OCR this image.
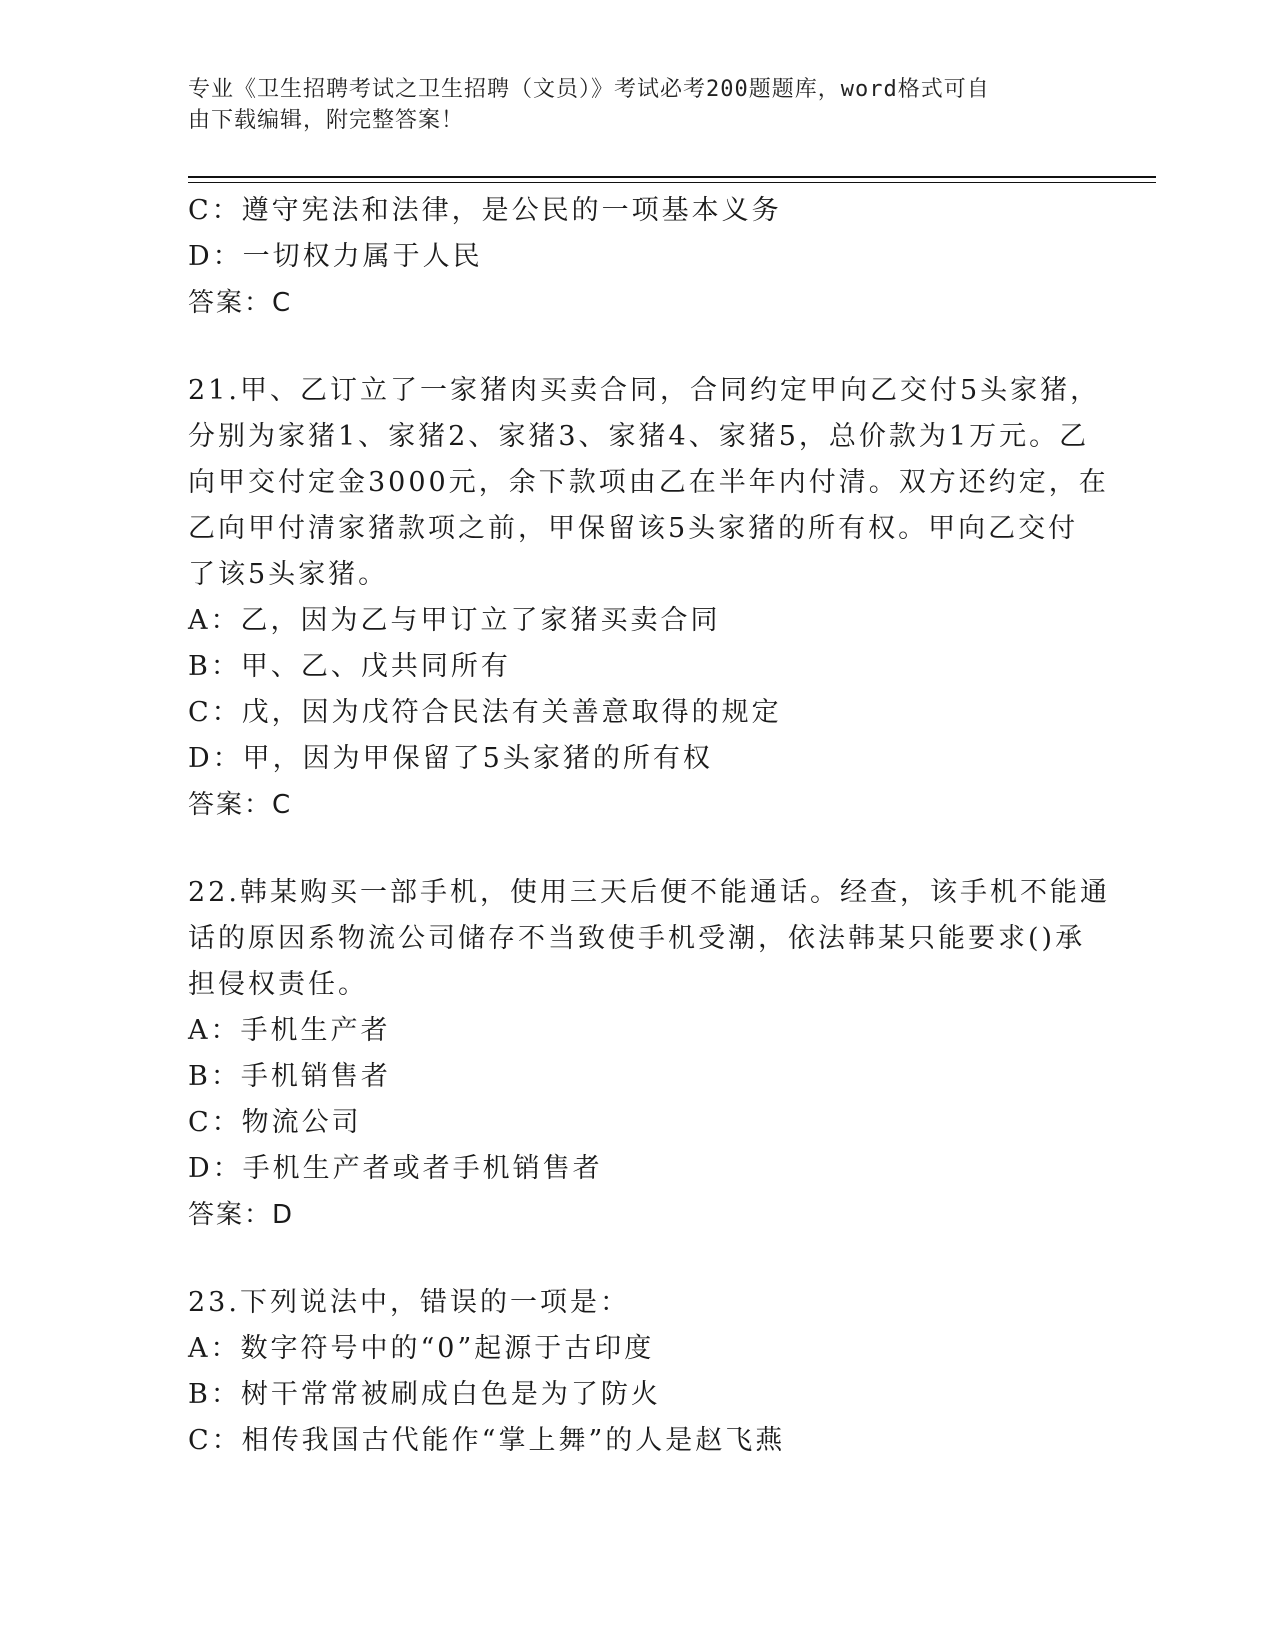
专业《卫生招聘考试之卫生招聘（文员）》考试必考200题题库，word格式可自
由下载编辑，附完整答案！
C：遵守宪法和法律，是公民的一项基本义务
D：一切权力属于人民
答案：C
21.甲、乙订立了一家猪肉买卖合同，合同约定甲向乙交付5头家猪，
分别为家猪1、家猪2、家猪3、家猪4、家猪5，总价款为1万元。乙
向甲交付定金3000元，余下款项由乙在半年内付清。双方还约定，在
乙向甲付清家猪款项之前，甲保留该5头家猪的所有权。甲向乙交付
了该5头家猪。
A：乙，因为乙与甲订立了家猪买卖合同
B：甲、乙、戊共同所有
C：戊，因为戊符合民法有关善意取得的规定
D：甲，因为甲保留了5头家猪的所有权
答案：C
22.韩某购买一部手机，使用三天后便不能通话。经查，该手机不能通
话的原因系物流公司储存不当致使手机受潮，依法韩某只能要求()承
担侵权责任。
A：手机生产者
B：手机销售者
C：物流公司
D：手机生产者或者手机销售者
答案：D
23.下列说法中，错误的一项是：
A：数字符号中的“0”起源于古印度
B：树干常常被刷成白色是为了防火
C：相传我国古代能作“掌上舞”的人是赵飞燕
